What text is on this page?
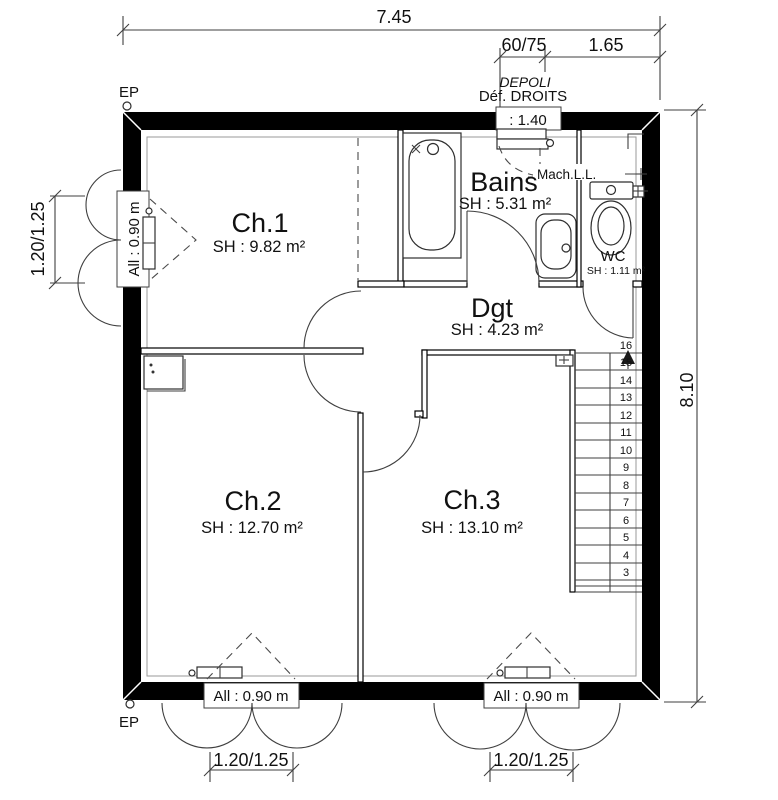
16
15
14
13
12
11
10
9
8
7
6
5
4
3
7.45
60/75 1.65
8.10
1.20/1.25
1.20/1.25	1.20/1.25
DEPOLI
Déf. DROITS
: 1.40
All : 0.90 m
All : 0.90 m	All : 0.90 m
EP
EP
Mach.L.L.
Ch.1
SH : 9.82 m²
Bains
SH : 5.31 m²
WC
SH : 1.11 m²
Dgt
SH : 4.23 m²
Ch.2
SH : 12.70 m²
Ch.3
SH : 13.10 m²
